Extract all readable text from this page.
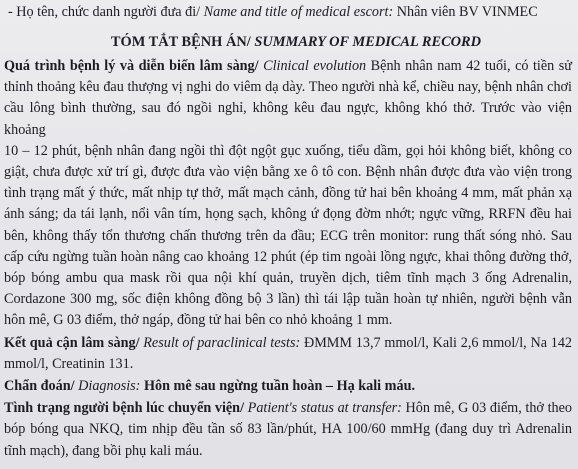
- Họ tên, chức danh người đưa đi/ Name and title of medical escort: Nhân viên BV VINMEC

TÓM TẮT BỆNH ÁN/ SUMMARY OF MEDICAL RECORD

Quá trình bệnh lý và diễn biến lâm sàng/ Clinical evolution Bệnh nhân nam 42 tuổi, có tiền sử

thỉnh thoảng kêu đau thượng vị nghi do viêm dạ dày. Theo người nhà kể, chiều nay, bệnh nhân chơi

cầu lông bình thường, sau đó ngồi nghỉ, không kêu đau ngực, không khó thở. Trước vào viện khoảng

10 – 12 phút, bệnh nhân đang ngồi thì đột ngột gục xuống, tiểu dầm, gọi hỏi không biết, không co

giật, chưa được xử trí gì, được đưa vào viện bằng xe ô tô con. Bệnh nhân được đưa vào viện trong

tình trạng mất ý thức, mất nhịp tự thở, mất mạch cảnh, đồng tử hai bên khoảng 4 mm, mất phản xạ

ánh sáng; da tái lạnh, nổi vân tím, họng sạch, không ứ đọng đờm nhớt; ngực vững, RRFN đều hai

bên, không thấy tổn thương chấn thương trên da đầu; ECG trên monitor: rung thất sóng nhỏ. Sau

cấp cứu ngừng tuần hoàn nâng cao khoảng 12 phút (ép tim ngoài lồng ngực, khai thông đường thở,

bóp bóng ambu qua mask rồi qua nội khí quản, truyền dịch, tiêm tĩnh mạch 3 ống Adrenalin,

Cordazone 300 mg, sốc điện không đồng bộ 3 lần) thì tái lập tuần hoàn tự nhiên, người bệnh vẫn

hôn mê, G 03 điểm, thở ngáp, đồng tử hai bên co nhỏ khoảng 1 mm.

Kết quả cận lâm sàng/ Result of paraclinical tests: ĐMMM 13,7 mmol/l, Kali 2,6 mmol/l, Na 142

mmol/l, Creatinin 131.

Chẩn đoán/ Diagnosis: Hôn mê sau ngừng tuần hoàn – Hạ kali máu.

Tình trạng người bệnh lúc chuyển viện/ Patient's status at transfer: Hôn mê, G 03 điểm, thở theo

bóp bóng qua NKQ, tim nhịp đều tần số 83 lần/phút, HA 100/60 mmHg (đang duy trì Adrenalin

tĩnh mạch), đang bồi phụ kali máu.
